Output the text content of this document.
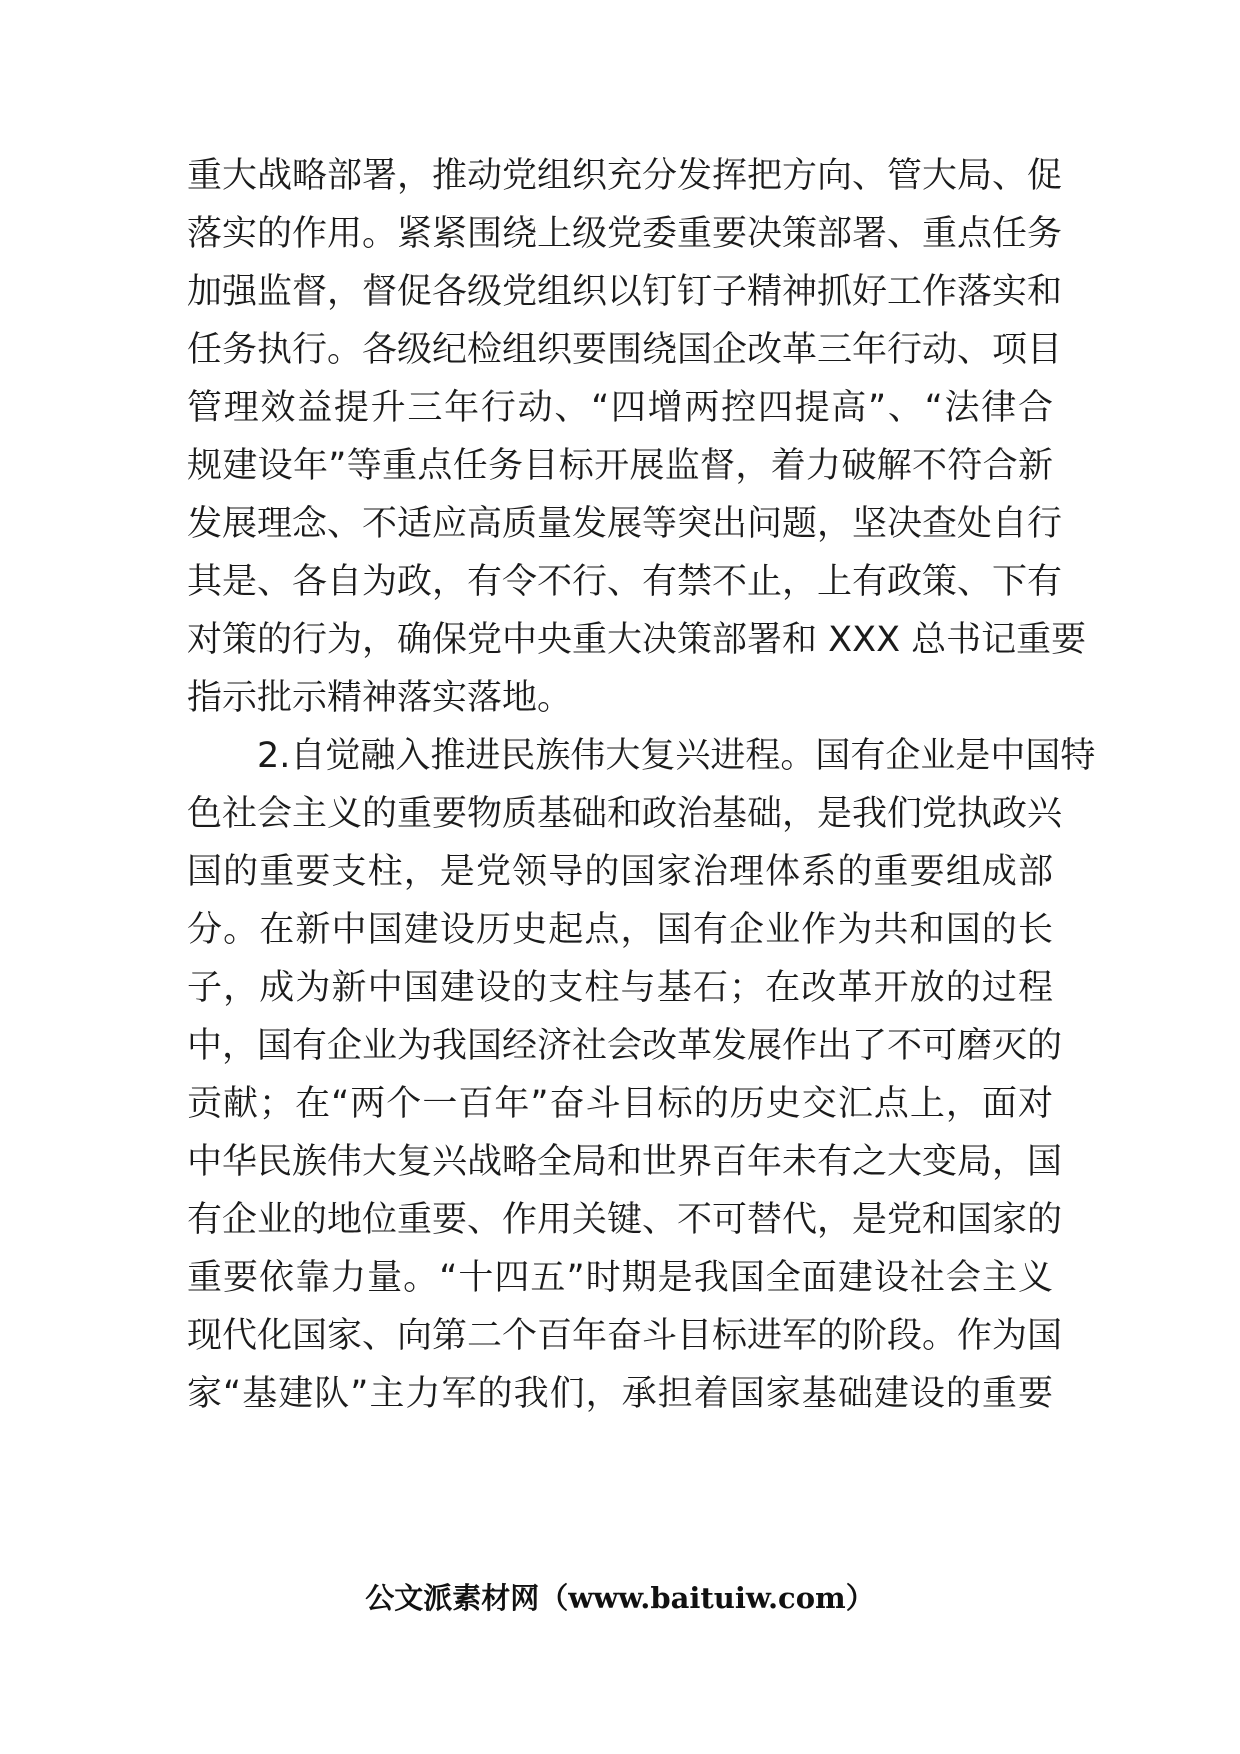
重大战略部署，推动党组织充分发挥把方向、管大局、促
落实的作用。紧紧围绕上级党委重要决策部署、重点任务
加强监督，督促各级党组织以钉钉子精神抓好工作落实和
任务执行。各级纪检组织要围绕国企改革三年行动、项目
管理效益提升三年行动、“四增两控四提高”、“法律合
规建设年”等重点任务目标开展监督，着力破解不符合新
发展理念、不适应高质量发展等突出问题，坚决查处自行
其是、各自为政，有令不行、有禁不止，上有政策、下有
对策的行为，确保党中央重大决策部署和 XXX 总书记重要
指示批示精神落实落地。
2.自觉融入推进民族伟大复兴进程。国有企业是中国特
色社会主义的重要物质基础和政治基础，是我们党执政兴
国的重要支柱，是党领导的国家治理体系的重要组成部
分。在新中国建设历史起点，国有企业作为共和国的长
子，成为新中国建设的支柱与基石；在改革开放的过程
中，国有企业为我国经济社会改革发展作出了不可磨灭的
贡献；在“两个一百年”奋斗目标的历史交汇点上，面对
中华民族伟大复兴战略全局和世界百年未有之大变局，国
有企业的地位重要、作用关键、不可替代，是党和国家的
重要依靠力量。“十四五”时期是我国全面建设社会主义
现代化国家、向第二个百年奋斗目标进军的阶段。作为国
家“基建队”主力军的我们，承担着国家基础建设的重要
公文派素材网（www.baituiw.com）
